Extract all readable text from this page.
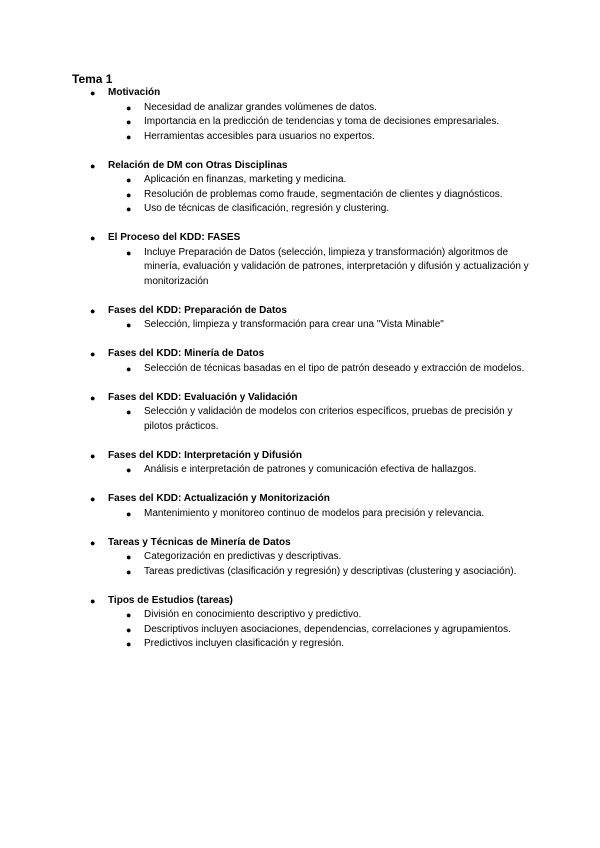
Tema 1
● Motivación
● Necesidad de analizar grandes volúmenes de datos.
● Importancia en la predicción de tendencias y toma de decisiones empresariales.
● Herramientas accesibles para usuarios no expertos.
● Relación de DM con Otras Disciplinas
● Aplicación en finanzas, marketing y medicina.
● Resolución de problemas como fraude, segmentación de clientes y diagnósticos.
● Uso de técnicas de clasificación, regresión y clustering.
● El Proceso del KDD: FASES
● Incluye Preparación de Datos (selección, limpieza y transformación) algoritmos de minería, evaluación y validación de patrones, interpretación y difusión y actualización y monitorización
● Fases del KDD: Preparación de Datos
● Selección, limpieza y transformación para crear una "Vista Minable"
● Fases del KDD: Minería de Datos
● Selección de técnicas basadas en el tipo de patrón deseado y extracción de modelos.
● Fases del KDD: Evaluación y Validación
● Selección y validación de modelos con criterios específicos, pruebas de precisión y pilotos prácticos.
● Fases del KDD: Interpretación y Difusión
● Análisis e interpretación de patrones y comunicación efectiva de hallazgos.
● Fases del KDD: Actualización y Monitorización
● Mantenimiento y monitoreo continuo de modelos para precisión y relevancia.
● Tareas y Técnicas de Minería de Datos
● Categorización en predictivas y descriptivas.
● Tareas predictivas (clasificación y regresión) y descriptivas (clustering y asociación).
● Tipos de Estudios (tareas)
● División en conocimiento descriptivo y predictivo.
● Descriptivos incluyen asociaciones, dependencias, correlaciones y agrupamientos.
● Predictivos incluyen clasificación y regresión.
